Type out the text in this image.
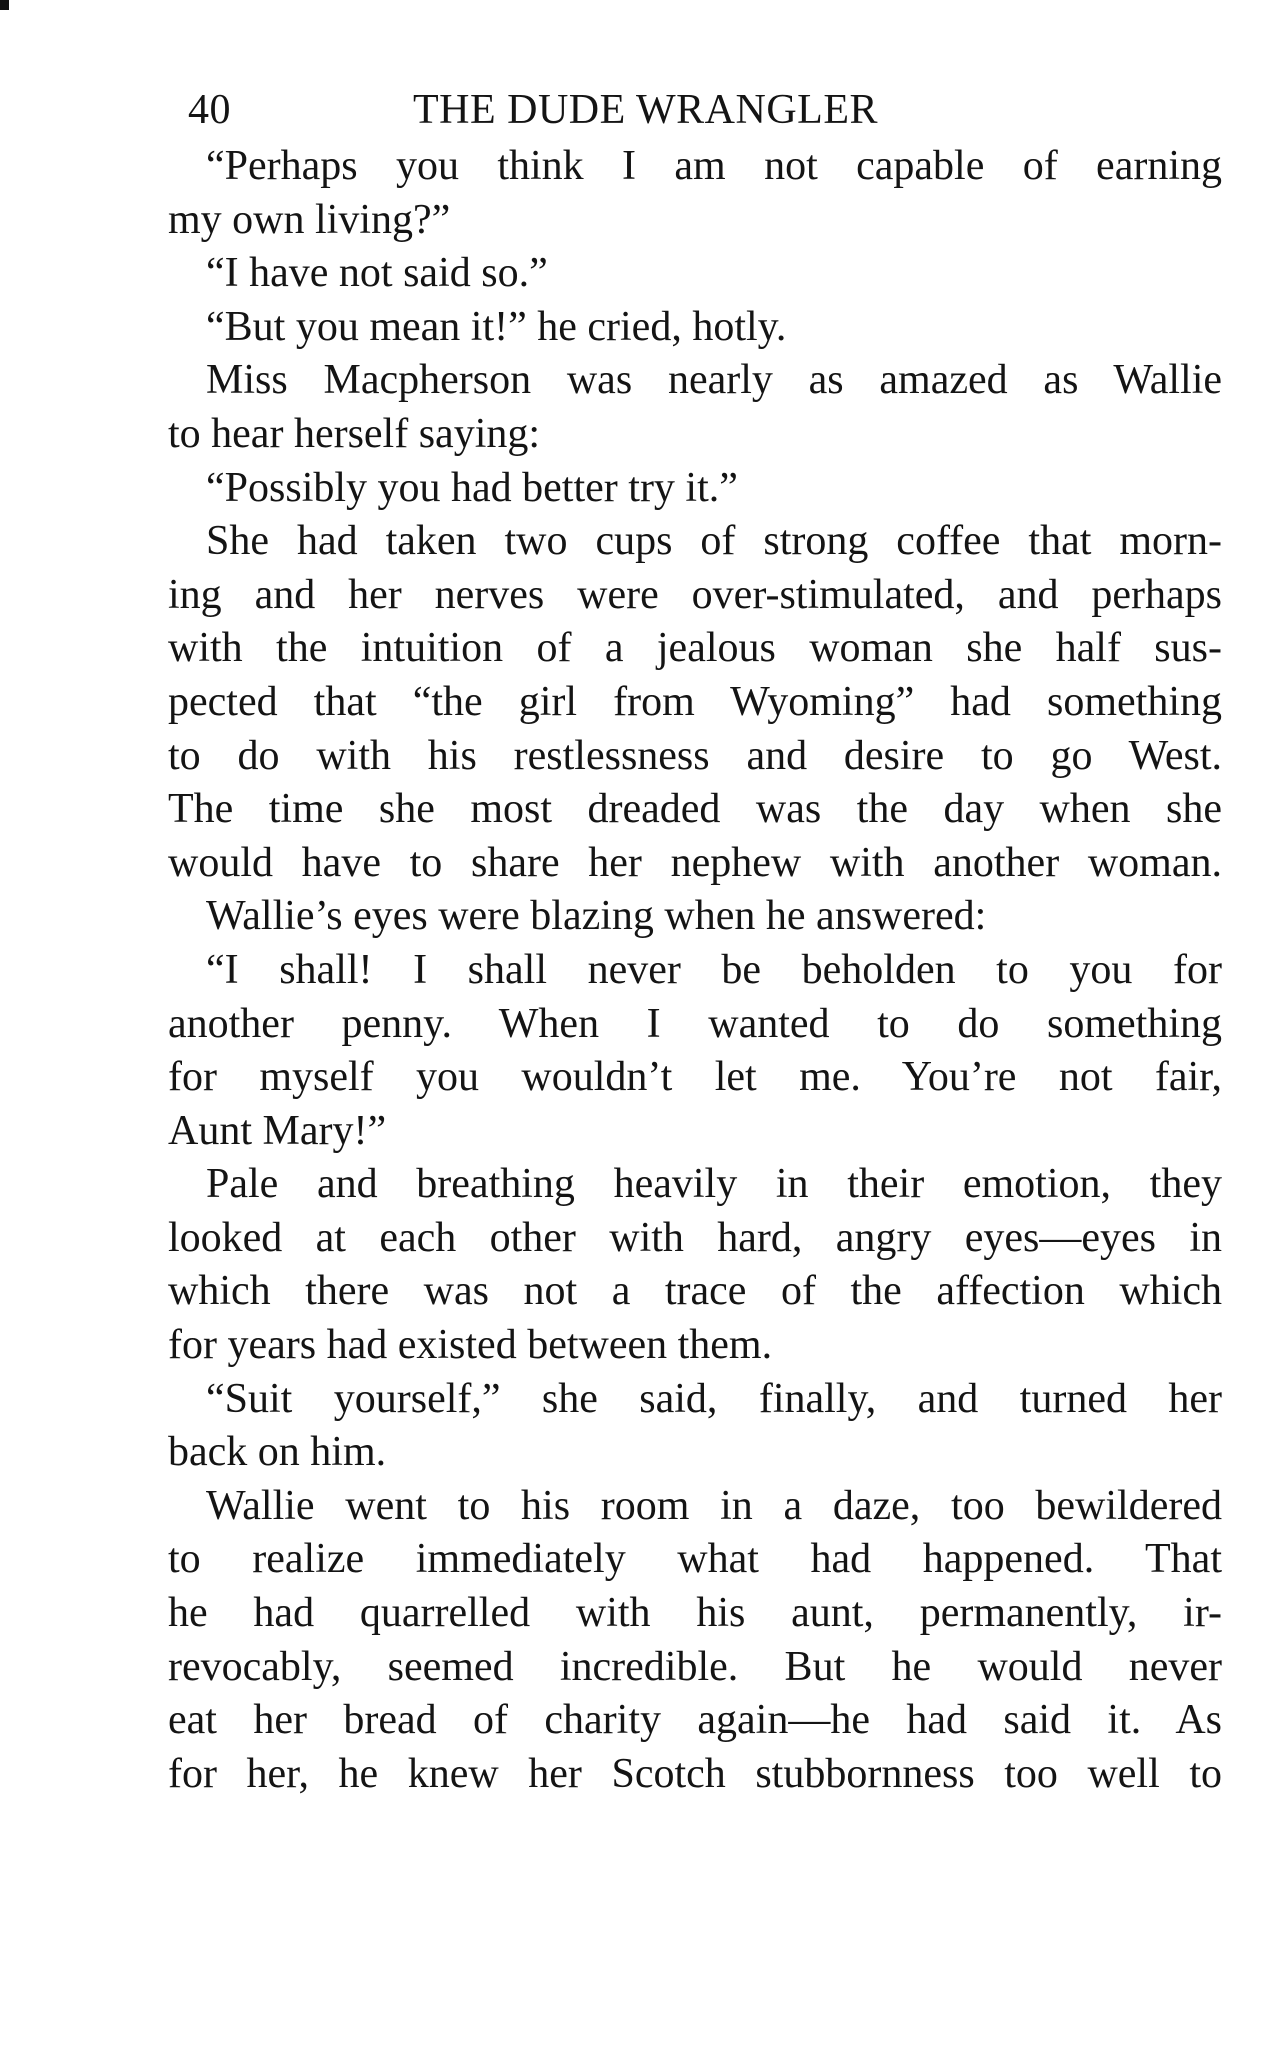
40	THE DUDE WRANGLER
“Perhaps you think I am not capable of earning
my own living?”
“I have not said so.”
“But you mean it!” he cried, hotly.
Miss Macpherson was nearly as amazed as Wallie
to hear herself saying:
“Possibly you had better try it.”
She had taken two cups of strong coffee that morn-
ing and her nerves were over-stimulated, and perhaps
with the intuition of a jealous woman she half sus-
pected that “the girl from Wyoming” had something
to do with his restlessness and desire to go West.
The time she most dreaded was the day when she
would have to share her nephew with another woman.
Wallie’s eyes were blazing when he answered:
“I shall! I shall never be beholden to you for
another penny. When I wanted to do something
for myself you wouldn’t let me. You’re not fair,
Aunt Mary!”
Pale and breathing heavily in their emotion, they
looked at each other with hard, angry eyes—eyes in
which there was not a trace of the affection which
for years had existed between them.
“Suit yourself,” she said, finally, and turned her
back on him.
Wallie went to his room in a daze, too bewildered
to realize immediately what had happened. That
he had quarrelled with his aunt, permanently, ir-
revocably, seemed incredible. But he would never
eat her bread of charity again—he had said it. As
for her, he knew her Scotch stubbornness too well to
